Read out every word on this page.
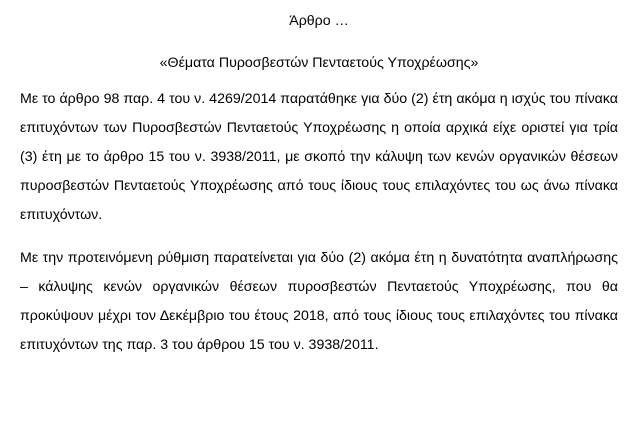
Άρθρο …

«Θέματα Πυροσβεστών Πενταετούς Υποχρέωσης»

Με το άρθρο 98 παρ. 4 του ν. 4269/2014 παρατάθηκε για δύο (2) έτη ακόμα η ισχύς του πίνακα επιτυχόντων των Πυροσβεστών Πενταετούς Υποχρέωσης η οποία αρχικά είχε οριστεί για τρία (3) έτη με το άρθρο 15 του ν. 3938/2011, με σκοπό την κάλυψη των κενών οργανικών θέσεων πυροσβεστών Πενταετούς Υποχρέωσης από τους ίδιους τους επιλαχόντες του ως άνω πίνακα επιτυχόντων.

Με την προτεινόμενη ρύθμιση παρατείνεται για δύο (2) ακόμα έτη η δυνατότητα αναπλήρωσης – κάλυψης κενών οργανικών θέσεων πυροσβεστών Πενταετούς Υποχρέωσης, που θα προκύψουν μέχρι τον Δεκέμβριο του έτους 2018, από τους ίδιους τους επιλαχόντες του πίνακα επιτυχόντων της παρ. 3 του άρθρου 15 του ν. 3938/2011.
